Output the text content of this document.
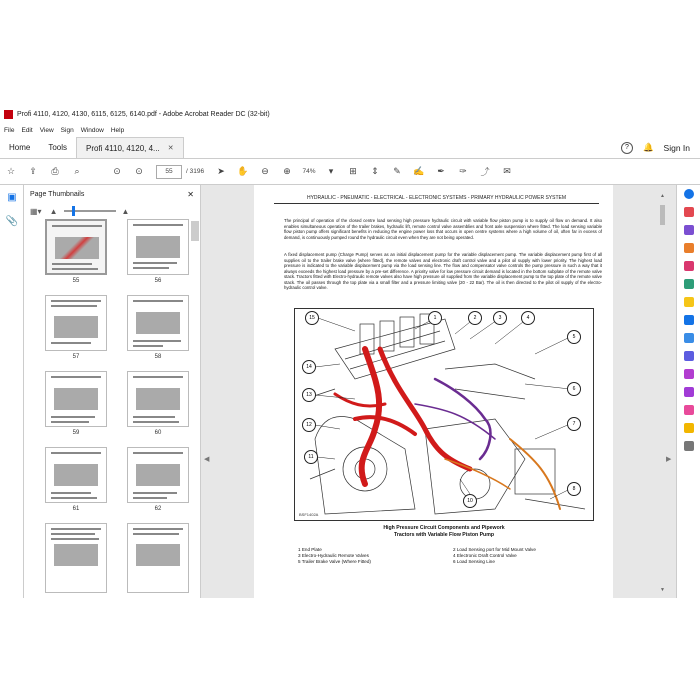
Profi 4110, 4120, 4130, 6115, 6125, 6140.pdf - Adobe Acrobat Reader DC (32-bit)
File Edit View Sign Window Help
Home Tools Profi 4110, 4120, 4... ✕	?	🔔 Sign In
☆	⇪	⎙	⌕	⊙	⊙	55	/ 3196	➤	✋	⊖	⊕	74%	▾	⊞	⇕	✎	✍	✒	✑	⤴	✉
▣
📎
Page Thumbnails	✕
▦▾ ▲	▲
55	56
57	58
59	60
61	62
◀	▶
HYDRAULIC - PNEUMATIC - ELECTRICAL - ELECTRONIC SYSTEMS - PRIMARY HYDRAULIC POWER SYSTEM
The principal of operation of the closed centre load sensing high pressure hydraulic circuit with variable flow piston pump is to supply oil flow on demand. It also enables simultaneous operation of the trailer brakes, hydraulic lift, remote control valve assemblies and front axle suspension where fitted. The load sensing variable flow piston pump offers significant benefits in reducing the engine power loss that occurs in open centre systems where a high volume of oil, often far in excess of demand, is continuously pumped round the hydraulic circuit even when they are not being operated.
A fixed displacement pump (Charge Pump) serves as an initial displacement pump for the variable displacement pump. The variable displacement pump first of all supplies oil to the trailer brake valve (where fitted), the remote valves and electronic draft control valve and a pilot oil supply with lower priority. The highest load pressure is indicated to the variable displacement pump via the load sensing line. The flow and compensator valve controls the pump pressure in such a way that it always exceeds the highest load pressure by a pre-set difference. A priority valve for low pressure circuit demand is located in the bottom subplate of the remote valve stack. Tractors fitted with Electro-hydraulic remote valves also have high pressure oil supplied from the variable displacement pump to the top plate of the remote valve stack. The oil passes through the top plate via a small filter and a pressure limiting valve (20 - 22 Bar). The oil is then directed to the pilot oil supply of the electro-hydraulic control valve.
15
14
13
12
11
10
1	2	3	4
5
6
7
8
BSF1402A
High Pressure Circuit Components and Pipework
Tractors with Variable Flow Piston Pump
1 End Plate	2 Load Sensing port for Mid Mount Valve
3 Electro-Hydraulic Remote Valves	4 Electronic Draft Control Valve
5 Trailer Brake Valve (Where Fitted)	6 Load Sensing Line
▲
▼
